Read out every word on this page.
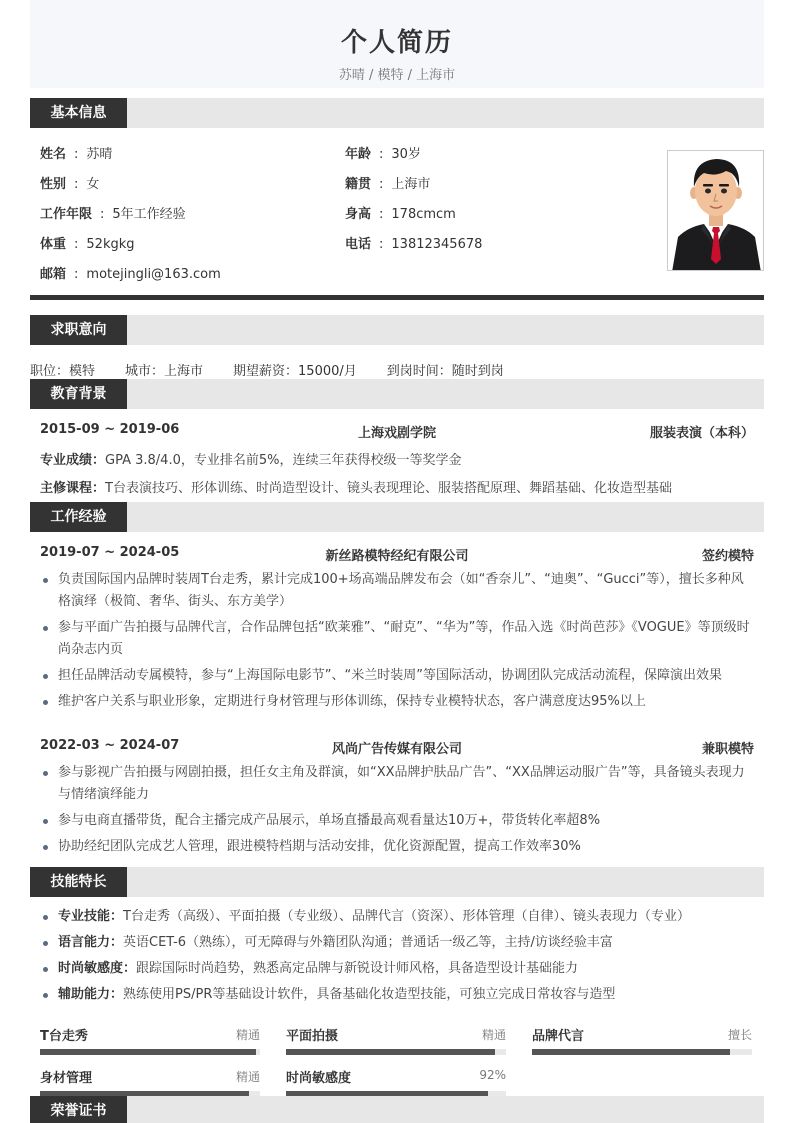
个人简历
苏晴 / 模特 / 上海市
基本信息
姓名 : 苏晴	年龄 : 30岁
性别 : 女	籍贯 : 上海市
工作年限 : 5年工作经验	身高 : 178cmcm
体重 : 52kgkg	电话 : 13812345678
邮箱 : motejingli@163.com
求职意向
职位：模特 城市：上海市 期望薪资：15000/月 到岗时间：随时到岗
教育背景
2015-09 ~ 2019-06	上海戏剧学院	服装表演（本科）
专业成绩：GPA 3.8/4.0，专业排名前5%，连续三年获得校级一等奖学金
主修课程：T台表演技巧、形体训练、时尚造型设计、镜头表现理论、服装搭配原理、舞蹈基础、化妆造型基础
工作经验
2019-07 ~ 2024-05	新丝路模特经纪有限公司	签约模特
负责国际国内品牌时装周T台走秀，累计完成100+场高端品牌发布会（如“香奈儿”、“迪奥”、“Gucci”等），擅长多种风格演绎（极简、奢华、街头、东方美学）
参与平面广告拍摄与品牌代言，合作品牌包括“欧莱雅”、“耐克”、“华为”等，作品入选《时尚芭莎》《VOGUE》等顶级时尚杂志内页
担任品牌活动专属模特，参与“上海国际电影节”、“米兰时装周”等国际活动，协调团队完成活动流程，保障演出效果
维护客户关系与职业形象，定期进行身材管理与形体训练，保持专业模特状态，客户满意度达95%以上
2022-03 ~ 2024-07	风尚广告传媒有限公司	兼职模特
参与影视广告拍摄与网剧拍摄，担任女主角及群演，如“XX品牌护肤品广告”、“XX品牌运动服广告”等，具备镜头表现力与情绪演绎能力
参与电商直播带货，配合主播完成产品展示，单场直播最高观看量达10万+，带货转化率超8%
协助经纪团队完成艺人管理，跟进模特档期与活动安排，优化资源配置，提高工作效率30%
技能特长
专业技能：T台走秀（高级）、平面拍摄（专业级）、品牌代言（资深）、形体管理（自律）、镜头表现力（专业）
语言能力：英语CET-6（熟练），可无障碍与外籍团队沟通；普通话一级乙等，主持/访谈经验丰富
时尚敏感度：跟踪国际时尚趋势，熟悉高定品牌与新锐设计师风格，具备造型设计基础能力
辅助能力：熟练使用PS/PR等基础设计软件，具备基础化妆造型技能，可独立完成日常妆容与造型
T台走秀	精通 平面拍摄	精通 品牌代言	擅长
身材管理	精通 时尚敏感度	92%
荣誉证书
